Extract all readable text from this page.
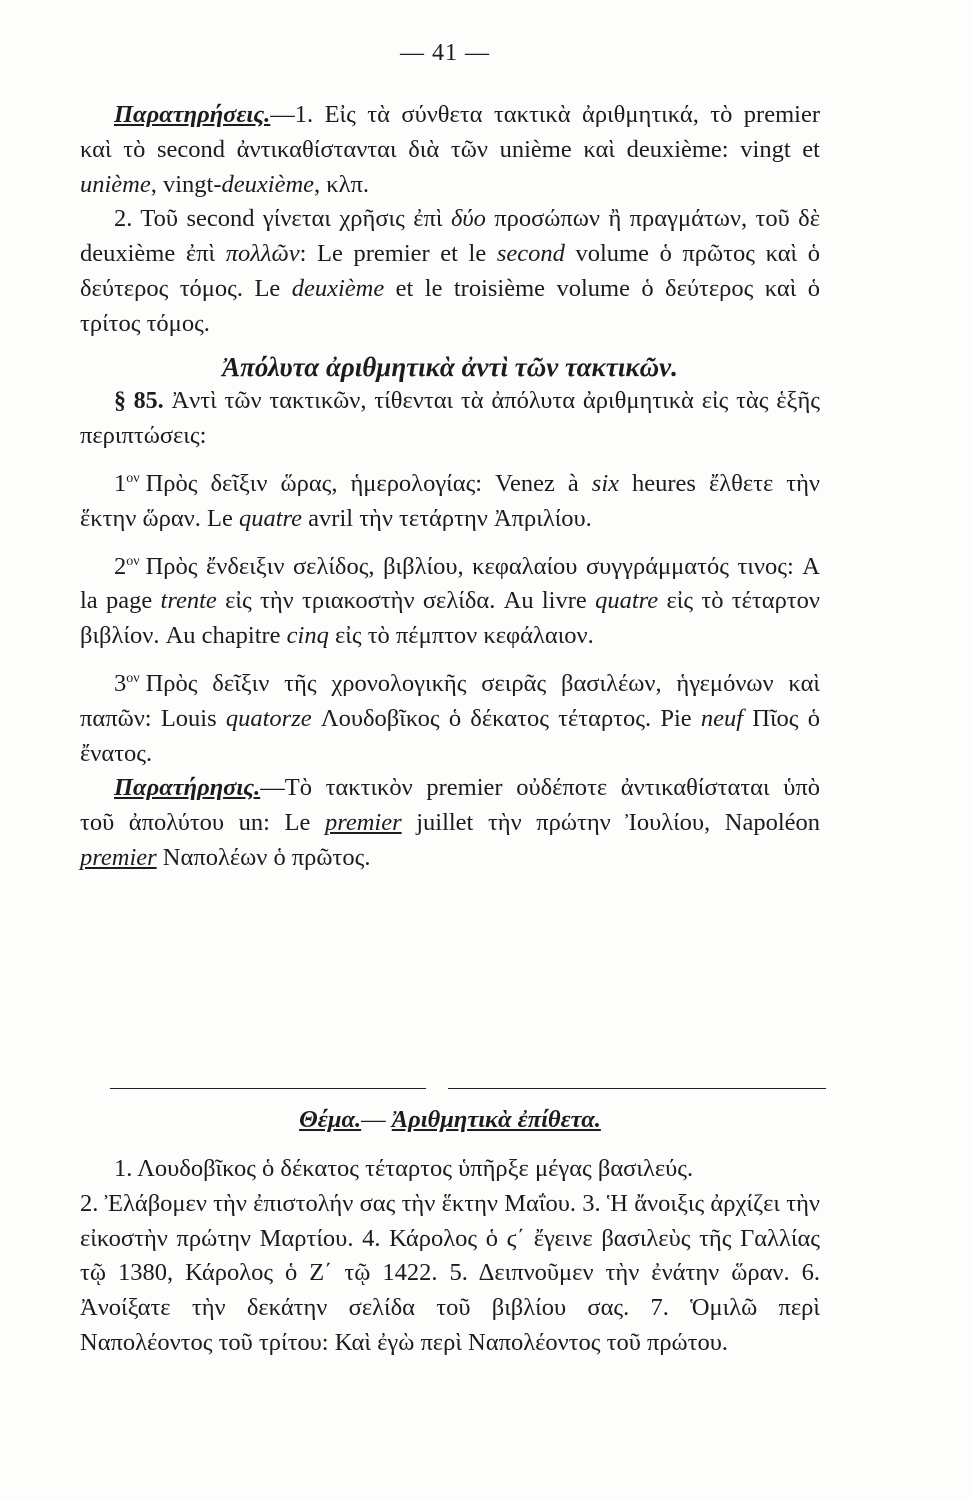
— 41 —

Παρατηρήσεις.—1. Εἰς τὰ σύνθετα τακτικὰ ἀριθμητικά, τὸ premier καὶ τὸ second ἀντικαθίστανται διὰ τῶν unième καὶ deuxième: vingt et unième, vingt-deuxième, κλπ.

2. Τοῦ second γίνεται χρῆσις ἐπὶ δύο προσώπων ἢ πραγμάτων, τοῦ δὲ deuxième ἐπὶ πολλῶν: Le premier et le second volume ὁ πρῶτος καὶ ὁ δεύτερος τόμος. Le deuxième et le troisième volume ὁ δεύτερος καὶ ὁ τρίτος τόμος.

Ἀπόλυτα ἀριθμητικὰ ἀντὶ τῶν τακτικῶν.

§ 85. Ἀντὶ τῶν τακτικῶν, τίθενται τὰ ἀπόλυτα ἀριθμητικὰ εἰς τὰς ἑξῆς περιπτώσεις:

$1^{o\nu}$ Πρὸς δεῖξιν ὥρας, ἡμερολογίας: Venez à six heures ἔλθετε τὴν ἕκτην ὥραν. Le quatre avril τὴν τετάρτην Ἀπριλίου.

$2^{o\nu}$ Πρὸς ἔνδειξιν σελίδος, βιβλίου, κεφαλαίου συγγράμματός τινος: A la page trente εἰς τὴν τριακοστὴν σελίδα. Au livre quatre εἰς τὸ τέταρτον βιβλίον. Au chapitre cinq εἰς τὸ πέμπτον κεφάλαιον.

$3^{o\nu}$ Πρὸς δεῖξιν τῆς χρονολογικῆς σειρᾶς βασιλέων, ἡγεμόνων καὶ παπῶν: Louis quatorze Λουδοβῖκος ὁ δέκατος τέταρτος. Pie neuf Πῖος ὁ ἔνατος.

Παρατήρησις.—Τὸ τακτικὸν premier οὐδέποτε ἀντικαθίσταται ὑπὸ τοῦ ἀπολύτου un: Le premier juillet τὴν πρώτην Ἰουλίου, Napoléon premier Ναπολέων ὁ πρῶτος.

Θέμα.— Ἀριθμητικὰ ἐπίθετα.

1. Λουδοβῖκος ὁ δέκατος τέταρτος ὑπῆρξε μέγας βασιλεύς.

2. Ἐλάβομεν τὴν ἐπιστολήν σας τὴν ἕκτην Μαΐου. 3. Ἡ ἄνοιξις ἀρχίζει τὴν εἰκοστὴν πρώτην Μαρτίου. 4. Κάρολος ὁ ϛ΄ ἔγεινε βασιλεὺς τῆς Γαλλίας τῷ 1380, Κάρολος ὁ Ζ΄ τῷ 1422. 5. Δειπνοῦμεν τὴν ἐνάτην ὥραν. 6. Ἀνοίξατε τὴν δεκάτην σελίδα τοῦ βιβλίου σας. 7. Ὁμιλῶ περὶ Ναπολέοντος τοῦ τρίτου: Καὶ ἐγὼ περὶ Ναπολέοντος τοῦ πρώτου.
